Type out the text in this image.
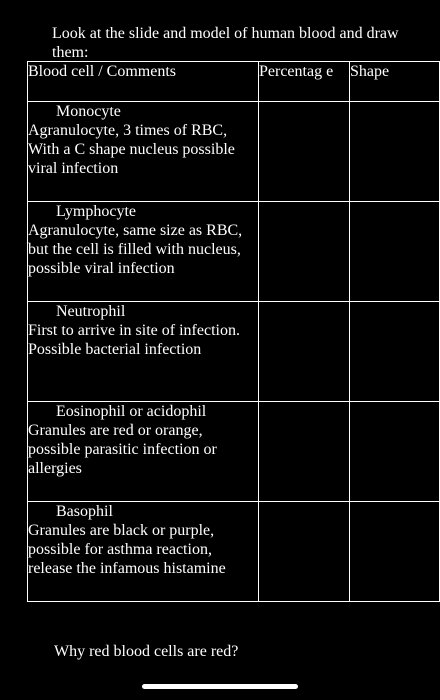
Look at the slide and model of human blood and draw them:
Blood cell / Comments	Percentag e	Shape

Monocyte
Agranulocyte, 3 times of RBC, With a C shape nucleus possible viral infection		

Lymphocyte
Agranulocyte, same size as RBC, but the cell is filled with nucleus, possible viral infection		

Neutrophil
First to arrive in site of infection. Possible bacterial infection		

Eosinophil or acidophil
Granules are red or orange, possible parasitic infection or allergies		

Basophil
Granules are black or purple, possible for asthma reaction, release the infamous histamine		
Why red blood cells are red?
